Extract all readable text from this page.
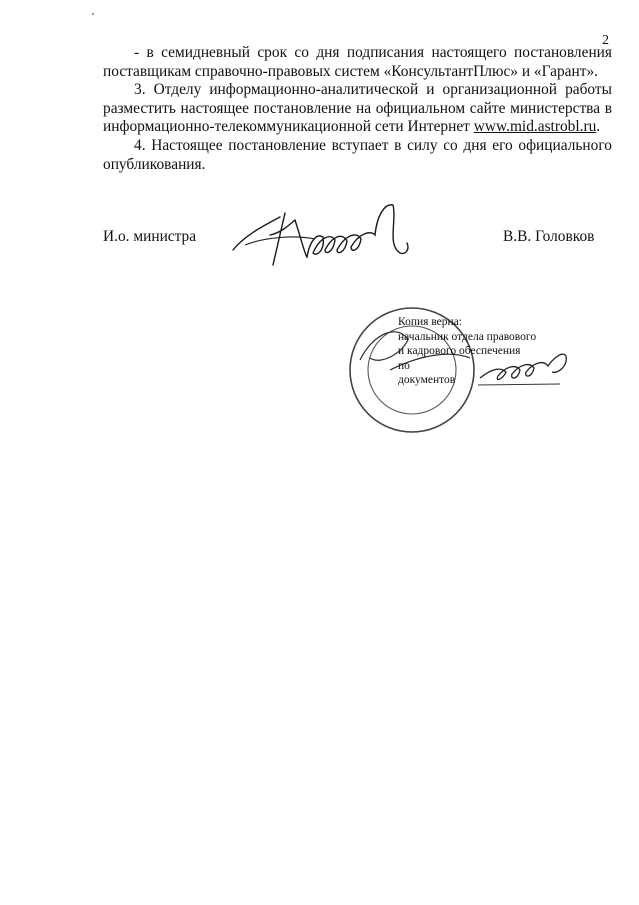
2

- в семидневный срок со дня подписания настоящего постановления поставщикам справочно-правовых систем «КонсультантПлюс» и «Гарант».

3. Отделу информационно-аналитической и организационной работы разместить настоящее постановление на официальном сайте министерства в информационно-телекоммуникационной сети Интернет www.mid.astrobl.ru.

4. Настоящее постановление вступает в силу со дня его официального опубликования.

И.о. министра	В.В. Головков
Копия верна:
начальник отдела правового
и кадрового обеспечения
по
документов
